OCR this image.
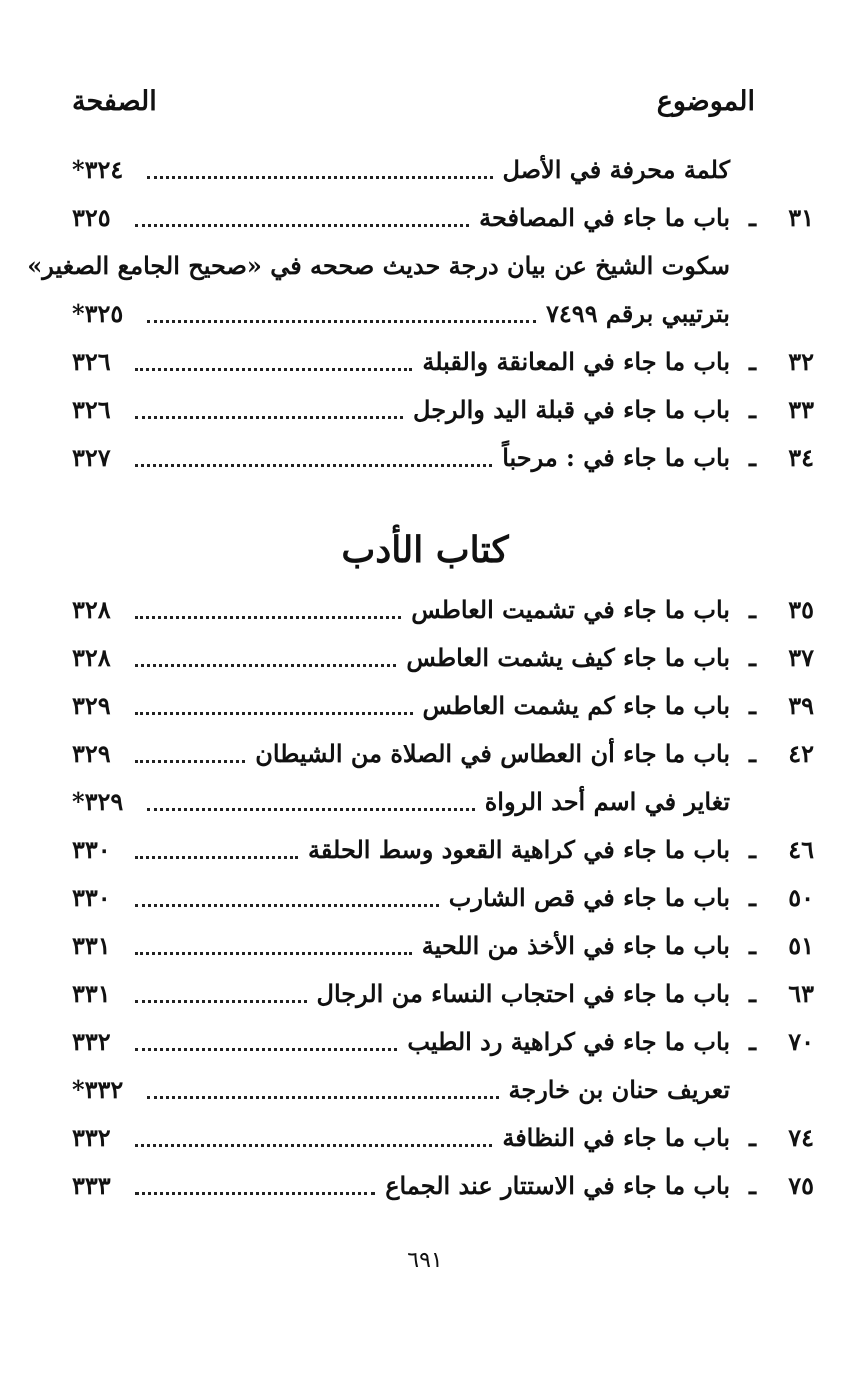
الموضوع
الصفحة
كلمة محرفة في الأصل
٣٢٤*
٣١
ـ
باب ما جاء في المصافحة
٣٢٥
سكوت الشيخ عن بيان درجة حديث صححه في «صحيح الجامع الصغير»
بترتيبي برقم ٧٤٩٩
٣٢٥*
٣٢
ـ
باب ما جاء في المعانقة والقبلة
٣٢٦
٣٣
ـ
باب ما جاء في قبلة اليد والرجل
٣٢٦
٣٤
ـ
باب ما جاء في : مرحباً
٣٢٧
كتاب الأدب
٣٥
ـ
باب ما جاء في تشميت العاطس
٣٢٨
٣٧
ـ
باب ما جاء كيف يشمت العاطس
٣٢٨
٣٩
ـ
باب ما جاء كم يشمت العاطس
٣٢٩
٤٢
ـ
باب ما جاء أن العطاس في الصلاة من الشيطان
٣٢٩
تغاير في اسم أحد الرواة
٣٢٩*
٤٦
ـ
باب ما جاء في كراهية القعود وسط الحلقة
٣٣٠
٥٠
ـ
باب ما جاء في قص الشارب
٣٣٠
٥١
ـ
باب ما جاء في الأخذ من اللحية
٣٣١
٦٣
ـ
باب ما جاء في احتجاب النساء من الرجال
٣٣١
٧٠
ـ
باب ما جاء في كراهية رد الطيب
٣٣٢
تعريف حنان بن خارجة
٣٣٢*
٧٤
ـ
باب ما جاء في النظافة
٣٣٢
٧٥
ـ
باب ما جاء في الاستتار عند الجماع
٣٣٣
٦٩١
